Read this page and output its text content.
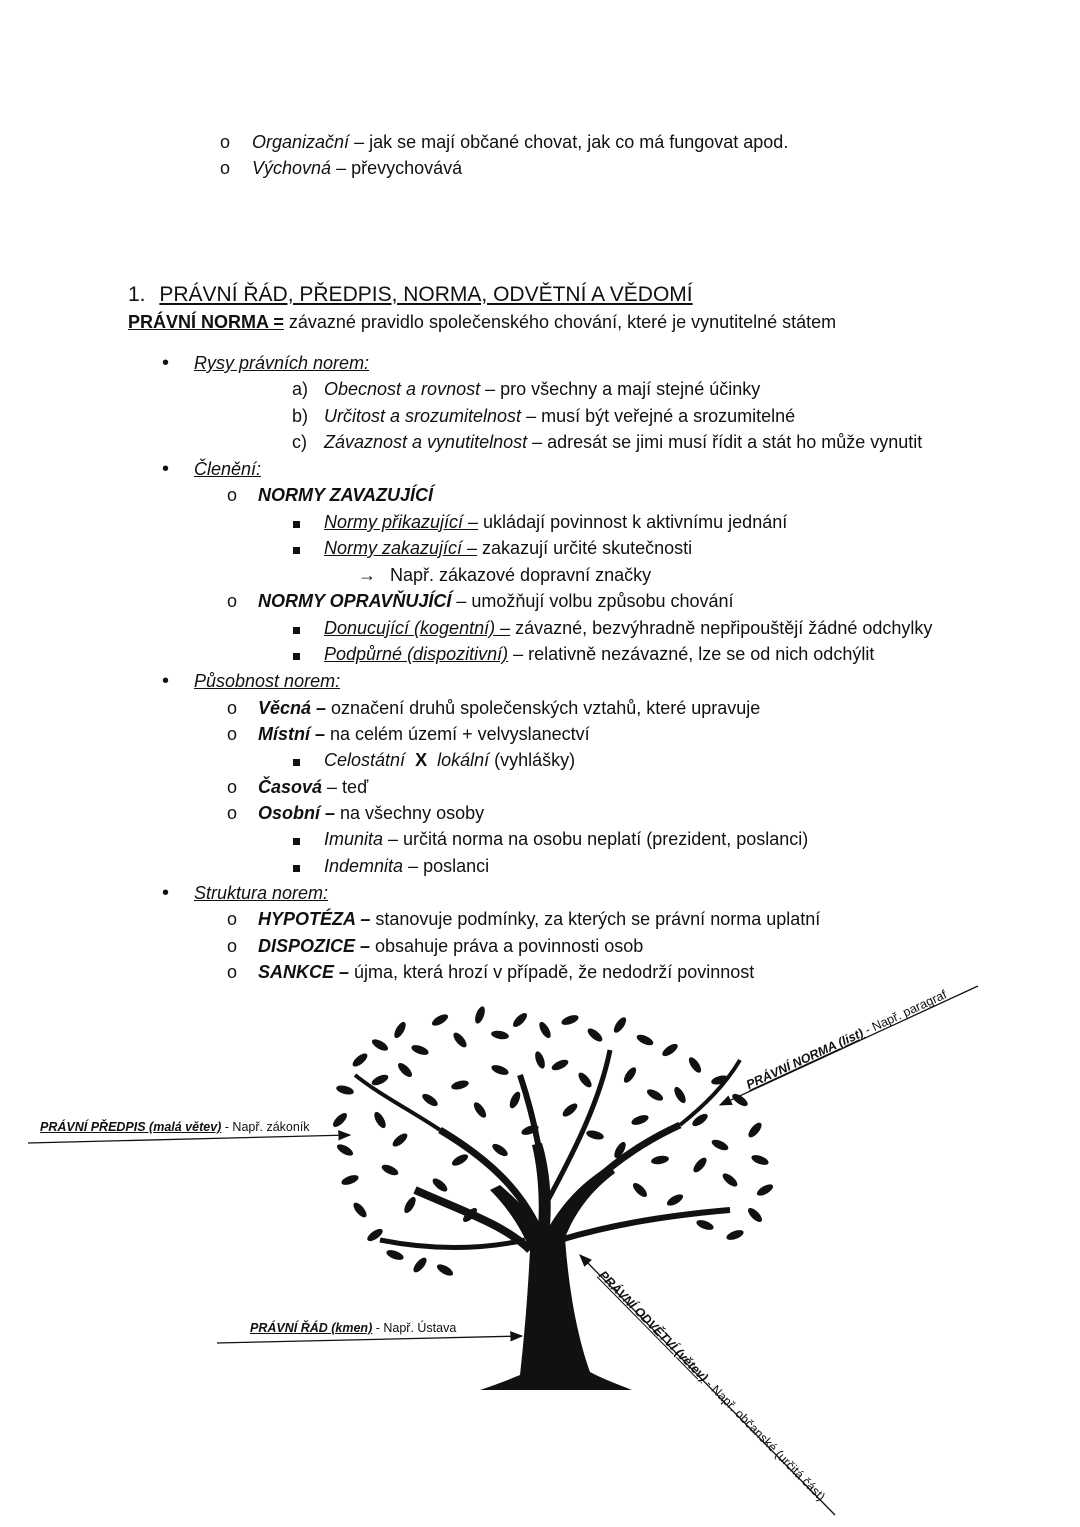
o Organizační – jak se mají občané chovat, jak co má fungovat apod.
o Výchovná – převychovává
1. PRÁVNÍ ŘÁD, PŘEDPIS, NORMA, ODVĚTNÍ A VĚDOMÍ
PRÁVNÍ NORMA = závazné pravidlo společenského chování, které je vynutitelné státem
• Rysy právních norem:
a) Obecnost a rovnost – pro všechny a mají stejné účinky
b) Určitost a srozumitelnost – musí být veřejné a srozumitelné
c) Závaznost a vynutitelnost – adresát se jimi musí řídit a stát ho může vynutit
• Členění:
o NORMY ZAVAZUJÍCÍ
Normy přikazující – ukládají povinnost k aktivnímu jednání
Normy zakazující – zakazují určité skutečnosti
→ Např. zákazové dopravní značky
o NORMY OPRAVŇUJÍCÍ – umožňují volbu způsobu chování
Donucující (kogentní) – závazné, bezvýhradně nepřipouštějí žádné odchylky
Podpůrné (dispozitivní) – relativně nezávazné, lze se od nich odchýlit
• Působnost norem:
o Věcná – označení druhů společenských vztahů, které upravuje
o Místní – na celém území + velvyslanectví
Celostátní X lokální (vyhlášky)
o Časová – teď
o Osobní – na všechny osoby
Imunita – určitá norma na osobu neplatí (prezident, poslanci)
Indemnita – poslanci
• Struktura norem:
o HYPOTÉZA – stanovuje podmínky, za kterých se právní norma uplatní
o DISPOZICE – obsahuje práva a povinnosti osob
o SANKCE – újma, která hrozí v případě, že nedodrží povinnost
PRÁVNÍ PŘEDPIS (malá větev) - Např. zákoník
PRÁVNÍ NORMA (list) - Např. paragraf
PRÁVNÍ ŘÁD (kmen) - Např. Ústava	PRÁVNÍ ODVĚTVÍ (větev) - Např. občanské (určitá část)
